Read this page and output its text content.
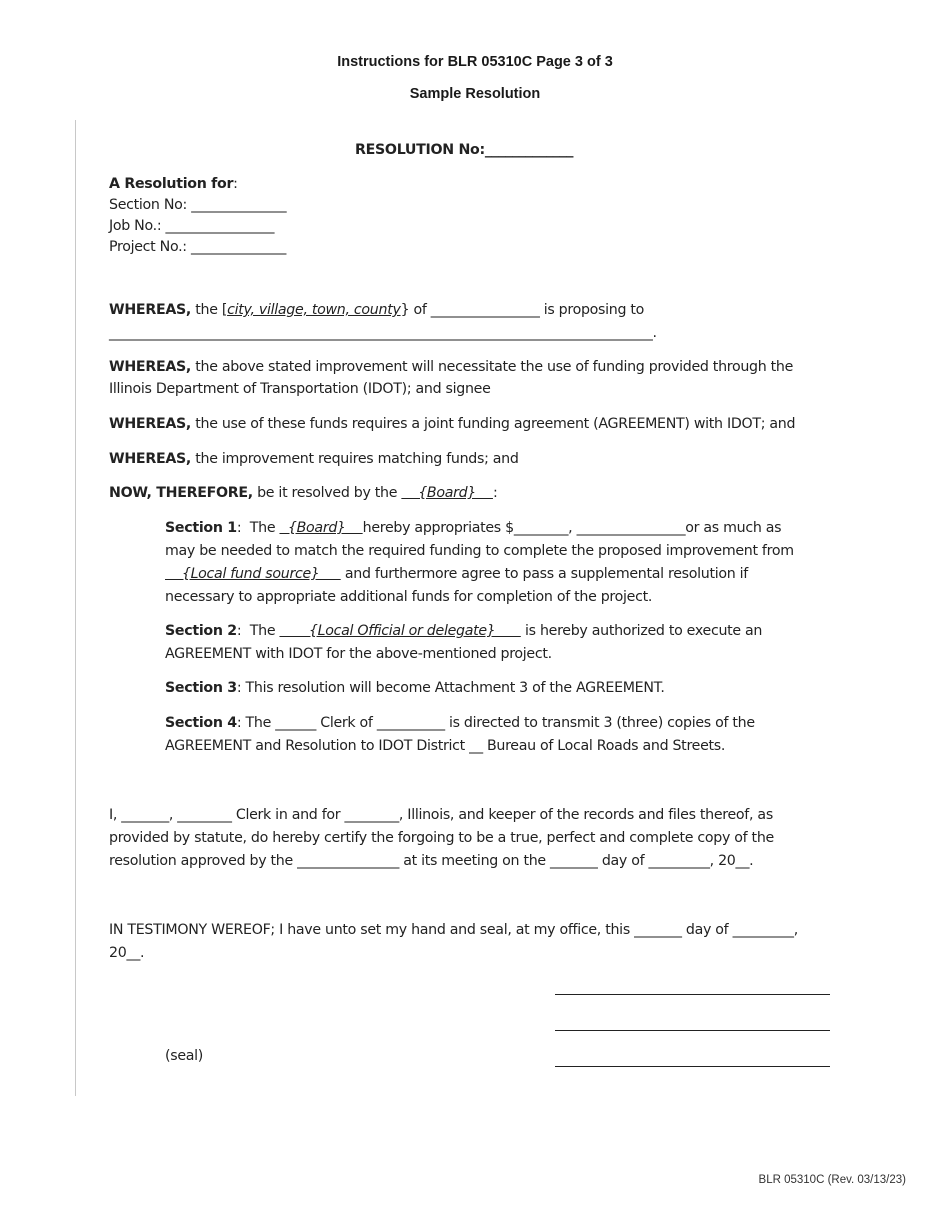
Instructions for BLR 05310C Page 3 of 3
Sample Resolution
RESOLUTION No:_____________
A Resolution for:
Section No: ______________
Job No.: ________________
Project No.: ______________
WHEREAS, the [city, village, town, county} of ________________ is proposing to
________________________________________________________________________________.
WHEREAS, the above stated improvement will necessitate the use of funding provided through the
Illinois Department of Transportation (IDOT); and signee
WHEREAS, the use of these funds requires a joint funding agreement (AGREEMENT) with IDOT; and
WHEREAS, the improvement requires matching funds; and
NOW, THEREFORE, be it resolved by the     {Board}    :
Section 1:  The   {Board}    hereby appropriates $________, ________________or as much as
may be needed to match the required funding to complete the proposed improvement from
{Local fund source}      and furthermore agree to pass a supplemental resolution if
necessary to appropriate additional funds for completion of the project.
Section 2:  The        {Local Official or delegate}       is hereby authorized to execute an
AGREEMENT with IDOT for the above-mentioned project.
Section 3: This resolution will become Attachment 3 of the AGREEMENT.
Section 4: The ______ Clerk of __________ is directed to transmit 3 (three) copies of the
AGREEMENT and Resolution to IDOT District __ Bureau of Local Roads and Streets.
I, _______, ________ Clerk in and for ________, Illinois, and keeper of the records and files thereof, as
provided by statute, do hereby certify the forgoing to be a true, perfect and complete copy of the
resolution approved by the _______________ at its meeting on the _______ day of _________, 20__.
IN TESTIMONY WEREOF; I have unto set my hand and seal, at my office, this _______ day of _________,
20__.
(seal)
BLR 05310C (Rev. 03/13/23)
